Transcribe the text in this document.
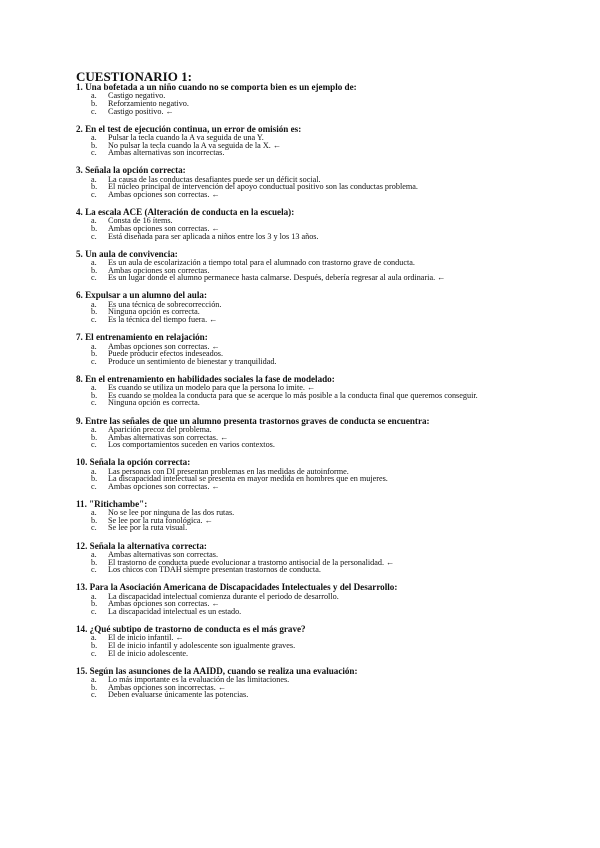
CUESTIONARIO 1:
1. Una bofetada a un niño cuando no se comporta bien es un ejemplo de:
a. Castigo negativo.
b. Reforzamiento negativo.
c. Castigo positivo. ←
2. En el test de ejecución continua, un error de omisión es:
a. Pulsar la tecla cuando la A va seguida de una Y.
b. No pulsar la tecla cuando la A va seguida de la X. ←
c. Ambas alternativas son incorrectas.
3. Señala la opción correcta:
a. La causa de las conductas desafiantes puede ser un déficit social.
b. El núcleo principal de intervención del apoyo conductual positivo son las conductas problema.
c. Ambas opciones son correctas. ←
4. La escala ACE (Alteración de conducta en la escuela):
a. Consta de 16 ítems.
b. Ambas opciones son correctas. ←
c. Está diseñada para ser aplicada a niños entre los 3 y los 13 años.
5. Un aula de convivencia:
a. Es un aula de escolarización a tiempo total para el alumnado con trastorno grave de conducta.
b. Ambas opciones son correctas.
c. Es un lugar donde el alumno permanece hasta calmarse. Después, debería regresar al aula ordinaria. ←
6. Expulsar a un alumno del aula:
a. Es una técnica de sobrecorrección.
b. Ninguna opción es correcta.
c. Es la técnica del tiempo fuera. ←
7. El entrenamiento en relajación:
a. Ambas opciones son correctas. ←
b. Puede producir efectos indeseados.
c. Produce un sentimiento de bienestar y tranquilidad.
8. En el entrenamiento en habilidades sociales la fase de modelado:
a. Es cuando se utiliza un modelo para que la persona lo imite. ←
b. Es cuando se moldea la conducta para que se acerque lo más posible a la conducta final que queremos conseguir.
c. Ninguna opción es correcta.
9. Entre las señales de que un alumno presenta trastornos graves de conducta se encuentra:
a. Aparición precoz del problema.
b. Ambas alternativas son correctas. ←
c. Los comportamientos suceden en varios contextos.
10. Señala la opción correcta:
a. Las personas con DI presentan problemas en las medidas de autoinforme.
b. La discapacidad intelectual se presenta en mayor medida en hombres que en mujeres.
c. Ambas opciones son correctas. ←
11. "Ritichambe":
a. No se lee por ninguna de las dos rutas.
b. Se lee por la ruta fonológica. ←
c. Se lee por la ruta visual.
12. Señala la alternativa correcta:
a. Ambas alternativas son correctas.
b. El trastorno de conducta puede evolucionar a trastorno antisocial de la personalidad. ←
c. Los chicos con TDAH siempre presentan trastornos de conducta.
13. Para la Asociación Americana de Discapacidades Intelectuales y del Desarrollo:
a. La discapacidad intelectual comienza durante el periodo de desarrollo.
b. Ambas opciones son correctas. ←
c. La discapacidad intelectual es un estado.
14. ¿Qué subtipo de trastorno de conducta es el más grave?
a. El de inicio infantil. ←
b. El de inicio infantil y adolescente son igualmente graves.
c. El de inicio adolescente.
15. Según las asunciones de la AAIDD, cuando se realiza una evaluación:
a. Lo más importante es la evaluación de las limitaciones.
b. Ambas opciones son incorrectas. ←
c. Deben evaluarse únicamente las potencias.
